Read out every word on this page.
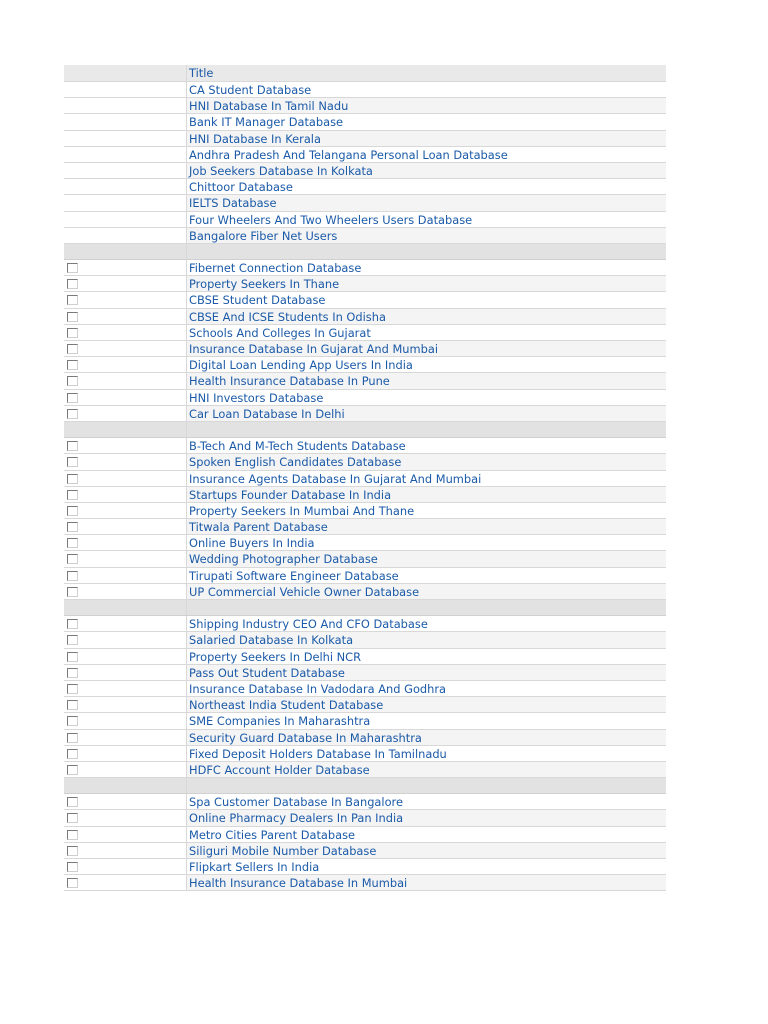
Title
CA Student Database
HNI Database In Tamil Nadu
Bank IT Manager Database
HNI Database In Kerala
Andhra Pradesh And Telangana Personal Loan Database
Job Seekers Database In Kolkata
Chittoor Database
IELTS Database
Four Wheelers And Two Wheelers Users Database
Bangalore Fiber Net Users
Fibernet Connection Database
Property Seekers In Thane
CBSE Student Database
CBSE And ICSE Students In Odisha
Schools And Colleges In Gujarat
Insurance Database In Gujarat And Mumbai
Digital Loan Lending App Users In India
Health Insurance Database In Pune
HNI Investors Database
Car Loan Database In Delhi
B-Tech And M-Tech Students Database
Spoken English Candidates Database
Insurance Agents Database In Gujarat And Mumbai
Startups Founder Database In India
Property Seekers In Mumbai And Thane
Titwala Parent Database
Online Buyers In India
Wedding Photographer Database
Tirupati Software Engineer Database
UP Commercial Vehicle Owner Database
Shipping Industry CEO And CFO Database
Salaried Database In Kolkata
Property Seekers In Delhi NCR
Pass Out Student Database
Insurance Database In Vadodara And Godhra
Northeast India Student Database
SME Companies In Maharashtra
Security Guard Database In Maharashtra
Fixed Deposit Holders Database In Tamilnadu
HDFC Account Holder Database
Spa Customer Database In Bangalore
Online Pharmacy Dealers In Pan India
Metro Cities Parent Database
Siliguri Mobile Number Database
Flipkart Sellers In India
Health Insurance Database In Mumbai
